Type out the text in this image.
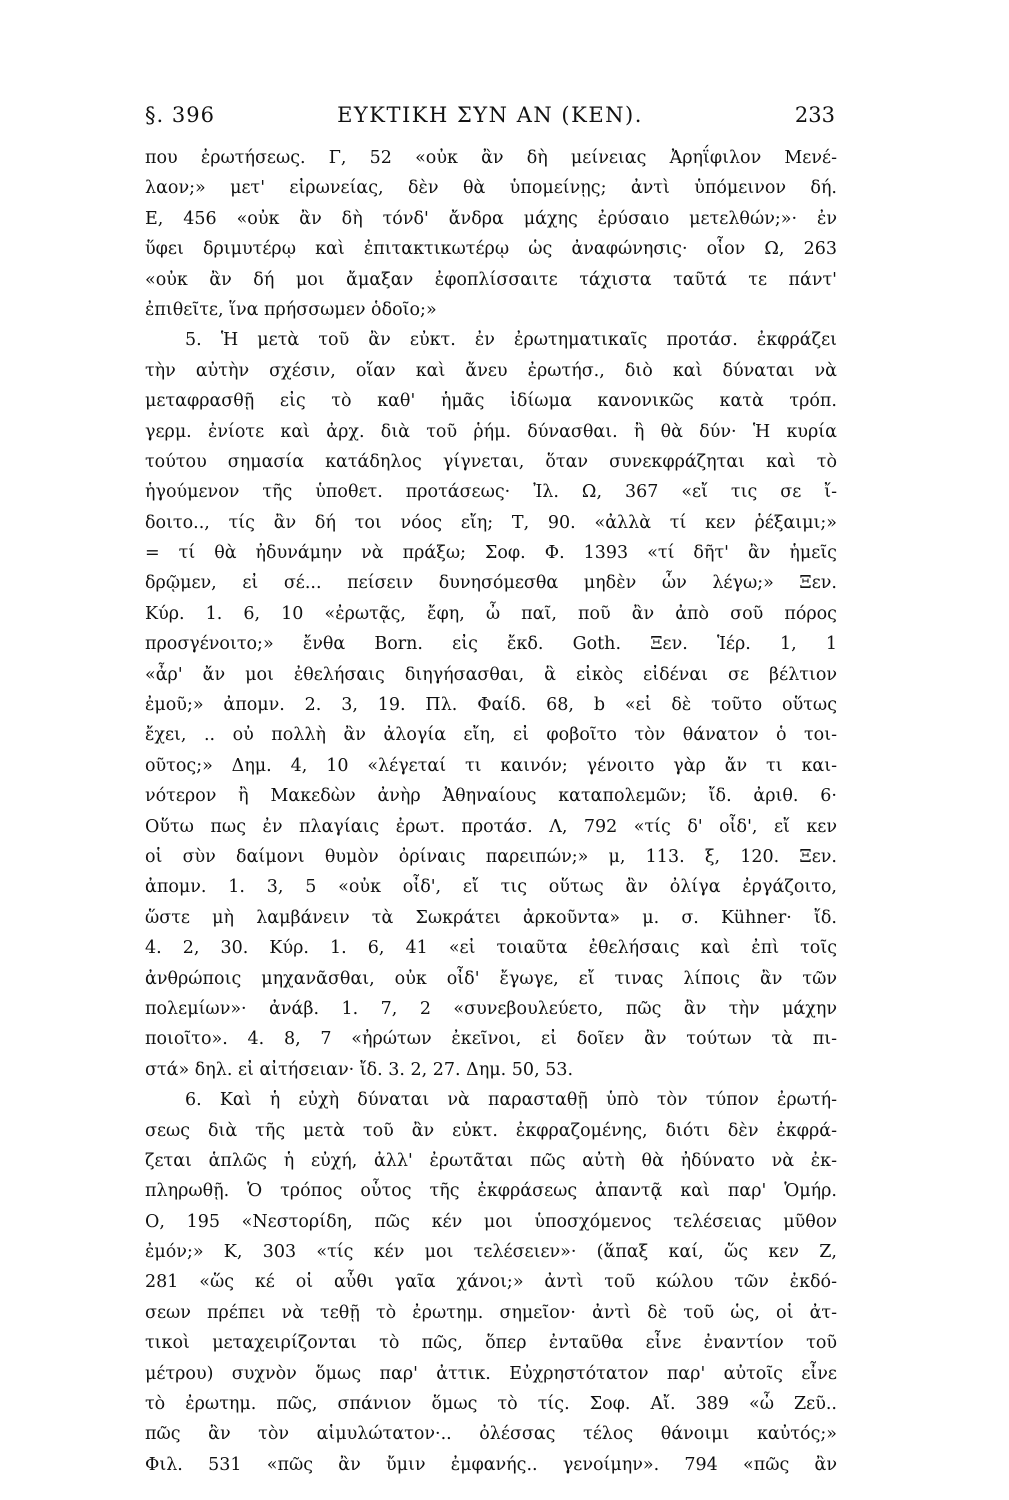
§. 396	ΕΥΚΤΙΚΗ ΣΥΝ ΑΝ (ΚΕΝ).	233
που ἐρωτήσεως. Γ, 52 «οὐκ ἂν δὴ μείνειας Ἀρηΐφιλον Μενέ-
λαον;» μετ' εἰρωνείας, δὲν θὰ ὑπομείνῃς; ἀντὶ ὑπόμεινον δή.
Ε, 456 «οὐκ ἂν δὴ τόνδ' ἄνδρα μάχης ἐρύσαιο μετελθών;»· ἐν
ὕφει δριμυτέρῳ καὶ ἐπιτακτικωτέρῳ ὡς ἀναφώνησις· οἷον Ω, 263
«οὐκ ἂν δή μοι ἄμαξαν ἐφοπλίσσαιτε τάχιστα ταῦτά τε πάντ'
ἐπιθεῖτε, ἵνα πρήσσωμεν ὁδοῖο;»
5. Ἡ μετὰ τοῦ ἂν εὐκτ. ἐν ἐρωτηματικαῖς προτάσ. ἐκφράζει
τὴν αὐτὴν σχέσιν, οἵαν καὶ ἄνευ ἐρωτήσ., διὸ καὶ δύναται νὰ
μεταφρασθῇ εἰς τὸ καθ' ἡμᾶς ἰδίωμα κανονικῶς κατὰ τρόπ.
γερμ. ἐνίοτε καὶ ἀρχ. διὰ τοῦ ῥήμ. δύνασθαι. ἢ θὰ δύν· Ἡ κυρία
τούτου σημασία κατάδηλος γίγνεται, ὅταν συνεκφράζηται καὶ τὸ
ἡγούμενον τῆς ὑποθετ. προτάσεως· Ἰλ. Ω, 367 «εἴ τις σε ἴ-
δοιτο.., τίς ἂν δή τοι νόος εἴη; Τ, 90. «ἀλλὰ τί κεν ῥέξαιμι;»
= τί θὰ ἠδυνάμην νὰ πράξω; Σοφ. Φ. 1393 «τί δῆτ' ἂν ἡμεῖς
δρῷμεν, εἰ σέ... πείσειν δυνησόμεσθα μηδὲν ὧν λέγω;» Ξεν.
Κύρ. 1. 6, 10 «ἐρωτᾷς, ἔφη, ὦ παῖ, ποῦ ἂν ἀπὸ σοῦ πόρος
προσγένοιτο;» ἔνθα Born. εἰς ἔκδ. Goth. Ξεν. Ἱέρ. 1, 1
«ἆρ' ἄν μοι ἐθελήσαις διηγήσασθαι, ἃ εἰκὸς εἰδέναι σε βέλτιον
ἐμοῦ;» ἀπομν. 2. 3, 19. Πλ. Φαίδ. 68, b «εἰ δὲ τοῦτο οὕτως
ἔχει, .. οὐ πολλὴ ἂν ἀλογία εἴη, εἰ φοβοῖτο τὸν θάνατον ὁ τοι-
οῦτος;» Δημ. 4, 10 «λέγεταί τι καινόν; γένοιτο γὰρ ἄν τι και-
νότερον ἢ Μακεδὼν ἀνὴρ Ἀθηναίους καταπολεμῶν; ἴδ. ἀριθ. 6·
Οὕτω πως ἐν πλαγίαις ἐρωτ. προτάσ. Λ, 792 «τίς δ' οἶδ', εἴ κεν
οἱ σὺν δαίμονι θυμὸν ὀρίναις παρειπών;» μ, 113. ξ, 120. Ξεν.
ἀπομν. 1. 3, 5 «οὐκ οἶδ', εἴ τις οὕτως ἂν ὀλίγα ἐργάζοιτο,
ὥστε μὴ λαμβάνειν τὰ Σωκράτει ἀρκοῦντα» μ. σ. Kühner· ἴδ.
4. 2, 30. Κύρ. 1. 6, 41 «εἰ τοιαῦτα ἐθελήσαις καὶ ἐπὶ τοῖς
ἀνθρώποις μηχανᾶσθαι, οὐκ οἶδ' ἔγωγε, εἴ τινας λίποις ἂν τῶν
πολεμίων»· ἀνάβ. 1. 7, 2 «συνεβουλεύετο, πῶς ἂν τὴν μάχην
ποιοῖτο». 4. 8, 7 «ἠρώτων ἐκεῖνοι, εἰ δοῖεν ἂν τούτων τὰ πι-
στά» δηλ. εἰ αἰτήσειαν· ἴδ. 3. 2, 27. Δημ. 50, 53.
6. Καὶ ἡ εὐχὴ δύναται νὰ παρασταθῇ ὑπὸ τὸν τύπον ἐρωτή-
σεως διὰ τῆς μετὰ τοῦ ἂν εὐκτ. ἐκφραζομένης, διότι δὲν ἐκφρά-
ζεται ἁπλῶς ἡ εὐχή, ἀλλ' ἐρωτᾶται πῶς αὐτὴ θὰ ἠδύνατο νὰ ἐκ-
πληρωθῇ. Ὁ τρόπος οὗτος τῆς ἐκφράσεως ἀπαντᾷ καὶ παρ' Ὁμήρ.
Ο, 195 «Νεστορίδη, πῶς κέν μοι ὑποσχόμενος τελέσειας μῦθον
ἐμόν;» Κ, 303 «τίς κέν μοι τελέσειεν»· (ἅπαξ καί, ὥς κεν Ζ,
281 «ὥς κέ οἱ αὖθι γαῖα χάνοι;» ἀντὶ τοῦ κώλου τῶν ἐκδό-
σεων πρέπει νὰ τεθῇ τὸ ἐρωτημ. σημεῖον· ἀντὶ δὲ τοῦ ὡς, οἱ ἀτ-
τικοὶ μεταχειρίζονται τὸ πῶς, ὅπερ ἐνταῦθα εἶνε ἐναντίον τοῦ
μέτρου) συχνὸν ὅμως παρ' ἀττικ. Εὐχρηστότατον παρ' αὐτοῖς εἶνε
τὸ ἐρωτημ. πῶς, σπάνιον ὅμως τὸ τίς. Σοφ. Αἴ. 389 «ὦ Ζεῦ..
πῶς ἂν τὸν αἱμυλώτατον·.. ὀλέσσας τέλος θάνοιμι καὐτός;»
Φιλ. 531 «πῶς ἂν ὔμιν ἐμφανής.. γενοίμην». 794 «πῶς ἂν
